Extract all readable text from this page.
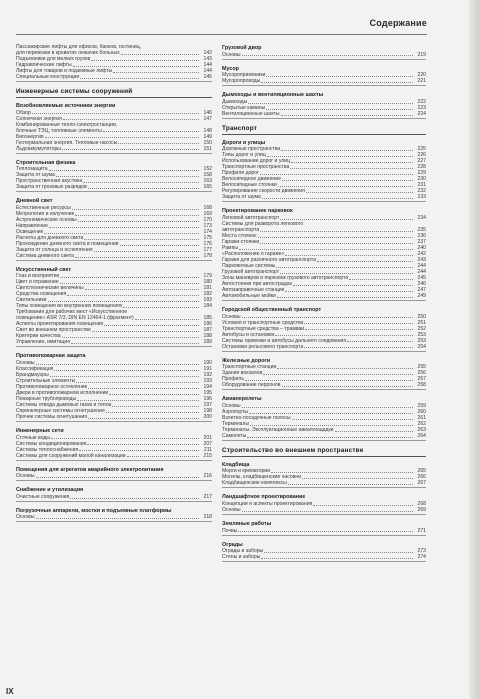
Содержание
Пассажирские лифты для офисов, банков, гостиниц,
для перевозки в кроватях лежачих больных	142
Подъемники для мелких грузов	143
Гидравлические лифты	144
Лифты для товаров и подземные лифты	144
Специальные конструкции	145
Инженерные системы сооружений
Возобновляемые источники энергии
Обзор	146
Солнечная энергия	147
Комбинированные тепло-/электростанции,
блочные ТЭЦ, топливные элементы	148
Биоэнергия	149
Геотермальная энергия. Тепловые насосы	150
Льдоаккумуляторы	151
Строительная физика
Теплозащита	152
Защита от шума	158
Пространственная акустика	163
Защита от грозовых разрядов	165
Дневной свет
Естественные ресурсы	168
Метрология и излучение	169
Астрономические основы	170
Направление	173
Освещение	174
Расчеты для дневного света	175
Прохождение дневного света в помещении	176
Защита от солнца и ослепления	177
Система дневного света	178
Искусственный свет
Глаз и восприятие	179
Цвет и отражение	180
Светотехнические величины	181
Средства освещения	182
Светильники	183
Типы освещения во внутренних помещениях	184
Требования для рабочих мест «Искусственное
освещение» ASR 7/3, DIN EN 12464-1 (фрагмент)	185
Аспекты проектирования освещения	186
Свет во внешнем пространстве	187
Критерии качества	188
Управление, имитация	189
Противопожарная защита
Основы	190
Классификация	191
Брандмауэры	192
Строительные элементы	193
Противопожарное остекление	194
Двери в противопожарном исполнении	195
Пожарные трубопроводы	196
Системы отвода дымовых газов и тепла	197
Спринклерные системы огнетушения	198
Прочие системы огнетушения	200
Инженерные сети
Сточные воды	201
Системы кондиционирования	207
Системы теплоснабжения	211
Системы для сооружений малой канализации	215
Помещения для агрегатов аварийного электропитания
Основы	216
Снабжение и утилизация
Очистные сооружения	217
Погрузочные аппарели, мостки и подъемные платформы
Основы	218
Грузовой двор
Основы	219
Мусор
Мусороприемники	220
Мусоропроводы	221
Дымоходы и вентиляционные шахты
Дымоходы	222
Открытые камины	223
Вентиляционные шахты	224
Транспорт
Дороги и улицы
Дорожные пространства	225
Типы дорог и улиц	226
Использование дорог и улиц	227
Транспортные пространства	228
Профили дорог	229
Велосипедное движение	230
Велосипедные стоянки	231
Регулирование скорости движения	232
Защита от шума	233
Проектирование парковок
Легковой автотранспорт	234
Системы для разворота легкового
автотранспорта	235
Места стоянок	236
Гаражи-стоянки	237
Рампы	240
«Расположение о гараже»	242
Гаражи для различного автотранспорта	243
Парковочные системы	244
Грузовой автотранспорт	244
Зоны маневров и парковок грузового автотранспорта	245
Автостоянки при автострадах	246
Автозаправочные станции	247
Автомобильные мойки	249
Городской общественный транспорт
Основы	250
Условия и транспортные средства	251
Транспортные средства – трамваи	252
Автобусы и остановки	253
Системы привязки и автобусы дальнего следования	253
Остановки рельсового транспорта	254
Железные дороги
Транспортные станции	255
Здания вокзалов	256
Профиль	257
Оборудование перронов	258
Авиаперелеты
Основы	259
Аэропорты	260
Взлетно-посадочные полосы	261
Терминалы	262
Терминалы. Эксплуатационные авиаплощадки	263
Самолеты	264
Строительство во внешнем пространстве
Кладбища
Морги и крематории	265
Могилы, кладбищенские часовни	266
Кладбищенские комплексы	267
Ландшафтное проектирование
Концепции и аспекты проектирования	268
Основы	269
Земляные работы
Почвы	271
Ограды
Ограды и заборы	273
Стены и заборы	274
IX
